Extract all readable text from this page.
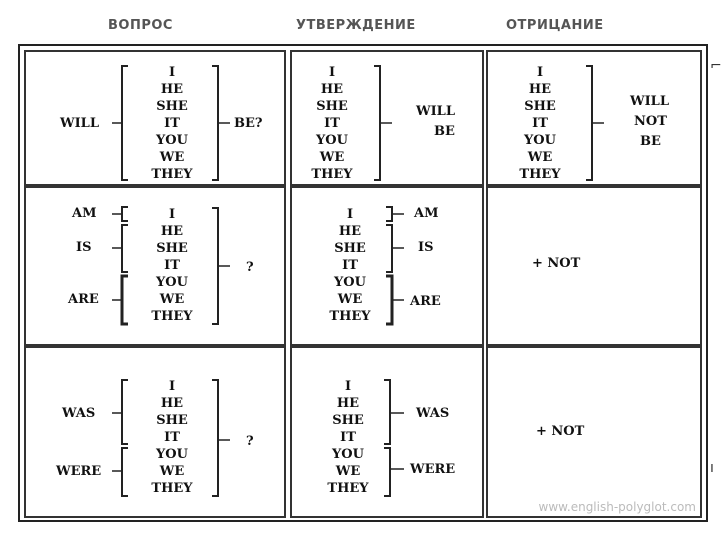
ВОПРОС	УТВЕРЖДЕНИЕ	ОТРИЦАНИЕ
WILL
I
HE
SHE
IT
YOU
WE
THEY
BE?
I
HE
SHE
IT
YOU
WE
THEY
WILL
BE
I
HE
SHE
IT
YOU
WE
THEY
WILL
NOT
BE
AM
IS
ARE
I
HE
SHE
IT
YOU
WE
THEY
?
I
HE
SHE
IT
YOU
WE
THEY
AM
IS
ARE
+ NOT
WAS
WERE
I
HE
SHE
IT
YOU
WE
THEY
?
I
HE
SHE
IT
YOU
WE
THEY
WAS
WERE
+ NOT
⌐
ı
www.english-polyglot.com
